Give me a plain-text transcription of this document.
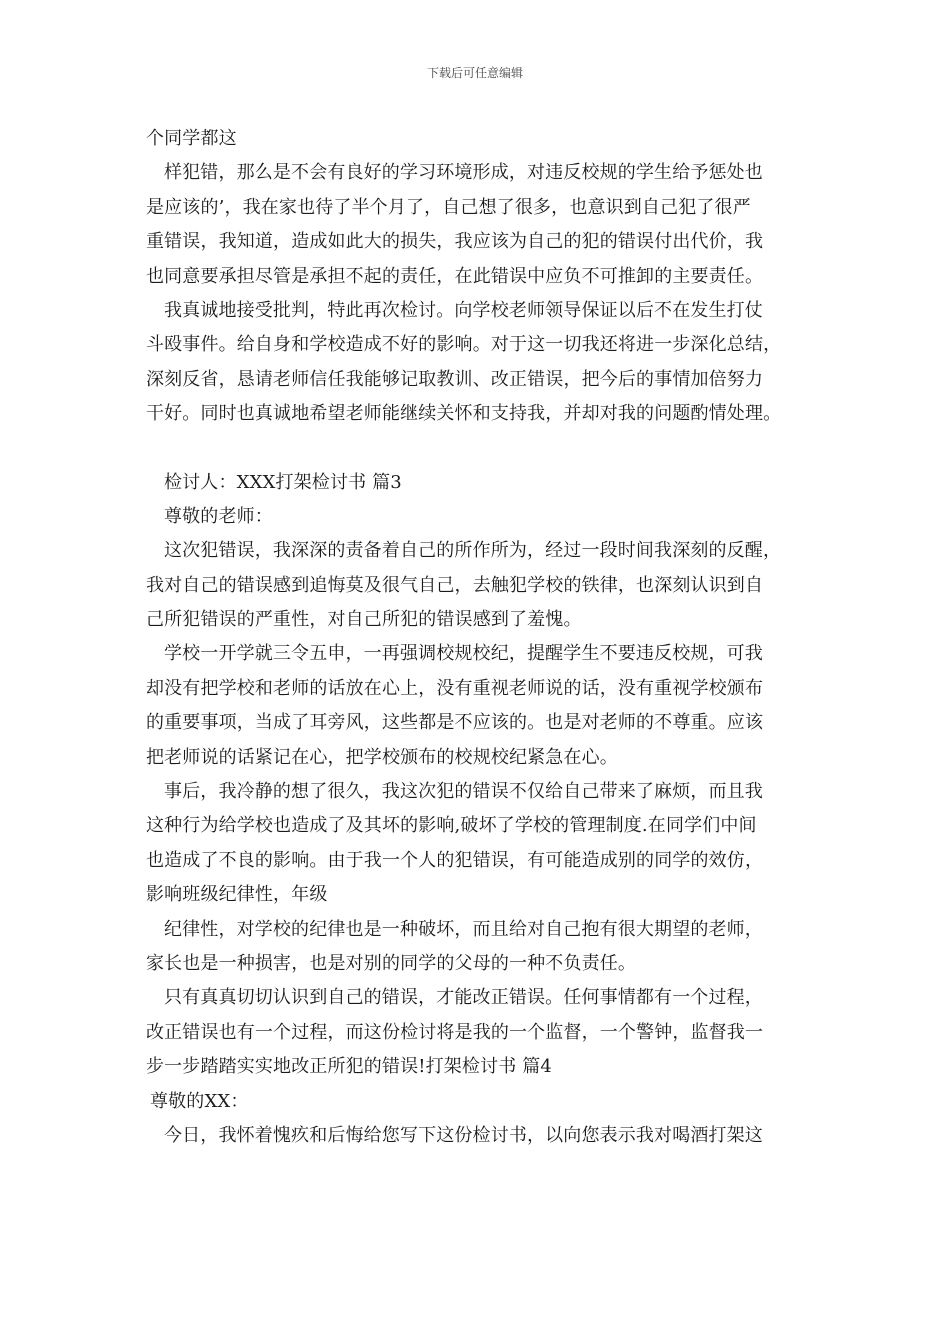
下载后可任意编辑
个同学都这
样犯错，那么是不会有良好的学习环境形成，对违反校规的学生给予惩处也
是应该的’，我在家也待了半个月了，自己想了很多，也意识到自己犯了很严
重错误，我知道，造成如此大的损失，我应该为自己的犯的错误付出代价，我
也同意要承担尽管是承担不起的责任，在此错误中应负不可推卸的主要责任。
我真诚地接受批判，特此再次检讨。向学校老师领导保证以后不在发生打仗
斗殴事件。给自身和学校造成不好的影响。对于这一切我还将进一步深化总结，
深刻反省，恳请老师信任我能够记取教训、改正错误，把今后的事情加倍努力
干好。同时也真诚地希望老师能继续关怀和支持我，并却对我的问题酌情处理。
检讨人：XXX打架检讨书 篇3
尊敬的老师：
这次犯错误，我深深的责备着自己的所作所为，经过一段时间我深刻的反醒，
我对自己的错误感到追悔莫及很气自己，去触犯学校的铁律，也深刻认识到自
己所犯错误的严重性，对自己所犯的错误感到了羞愧。
学校一开学就三令五申，一再强调校规校纪，提醒学生不要违反校规，可我
却没有把学校和老师的话放在心上，没有重视老师说的话，没有重视学校颁布
的重要事项，当成了耳旁风，这些都是不应该的。也是对老师的不尊重。应该
把老师说的话紧记在心，把学校颁布的校规校纪紧急在心。
事后，我冷静的想了很久，我这次犯的错误不仅给自己带来了麻烦，而且我
这种行为给学校也造成了及其坏的影响,破坏了学校的管理制度.在同学们中间
也造成了不良的影响。由于我一个人的犯错误，有可能造成别的同学的效仿，
影响班级纪律性，年级
纪律性，对学校的纪律也是一种破坏，而且给对自己抱有很大期望的老师，
家长也是一种损害，也是对别的同学的父母的一种不负责任。
只有真真切切认识到自己的错误，才能改正错误。任何事情都有一个过程，
改正错误也有一个过程，而这份检讨将是我的一个监督，一个警钟，监督我一
步一步踏踏实实地改正所犯的错误!打架检讨书 篇4
尊敬的XX：
今日，我怀着愧疚和后悔给您写下这份检讨书，以向您表示我对喝酒打架这
